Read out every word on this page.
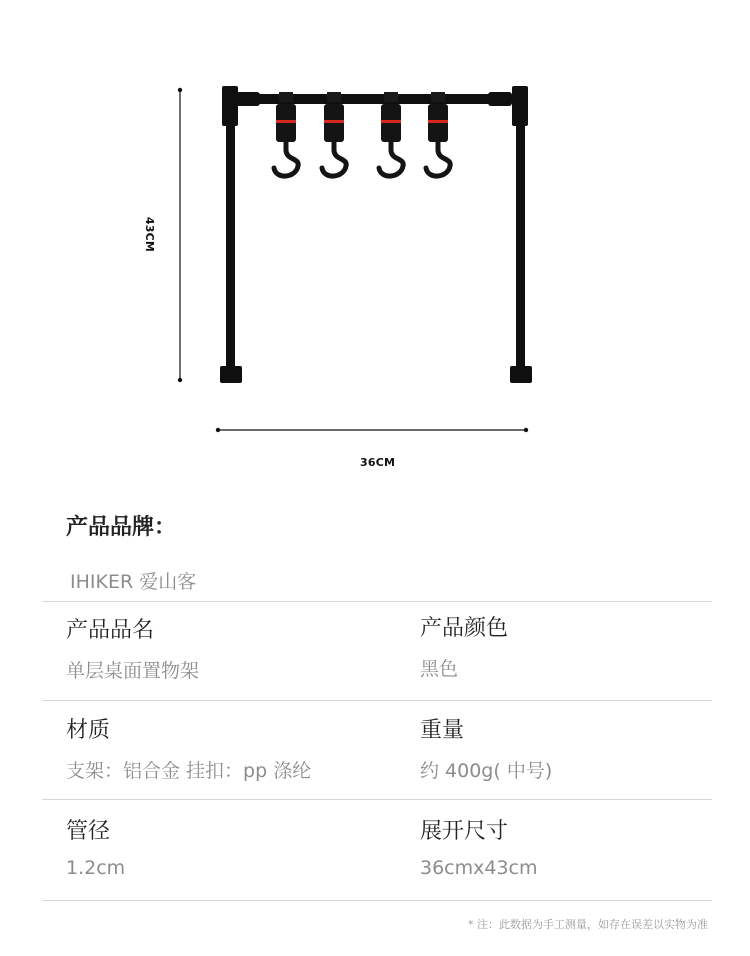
43CM
36CM
产品品牌：
IHIKER 爱山客
产品品名
单层桌面置物架
产品颜色
黑色
材质
支架：铝合金 挂扣：pp 涤纶
重量
约 400g( 中号)
管径
1.2cm
展开尺寸
36cmx43cm
* 注：此数据为手工测量，如存在误差以实物为准
